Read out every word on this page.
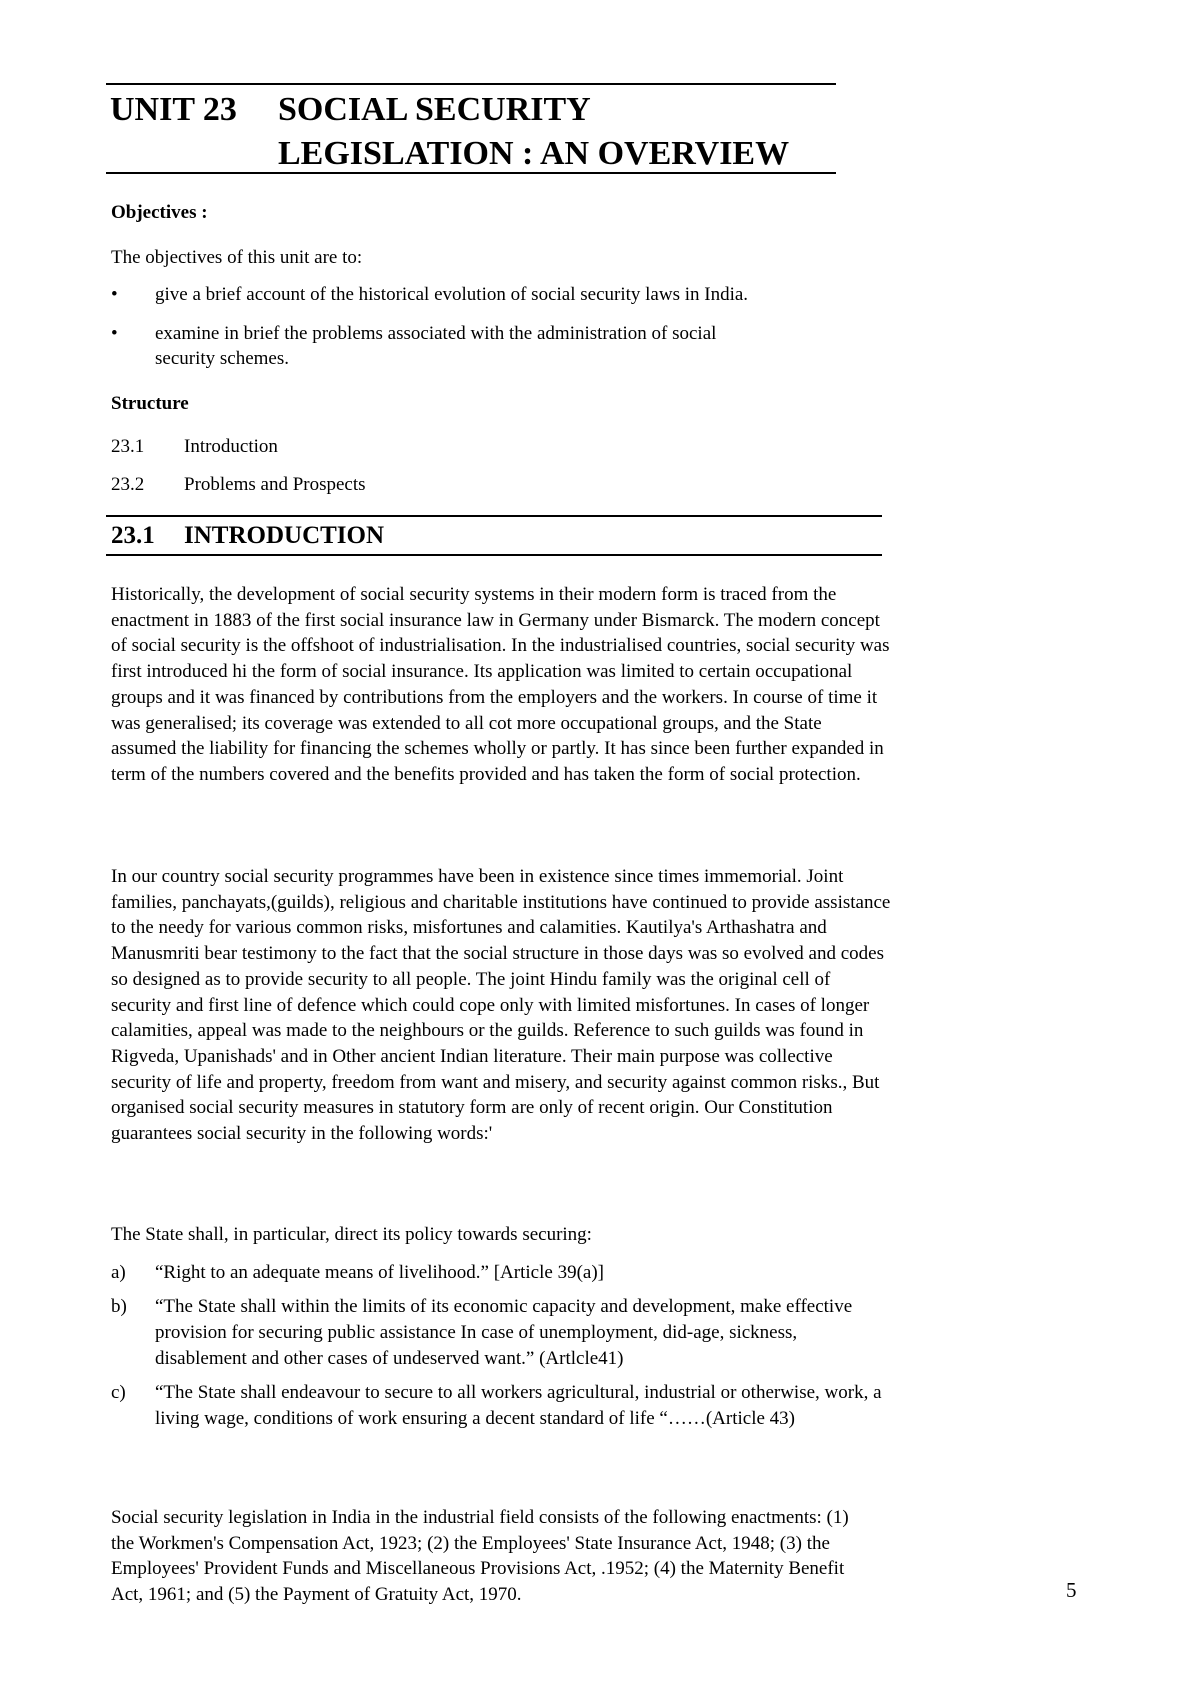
UNIT 23 SOCIAL SECURITY
LEGISLATION : AN OVERVIEW
Objectives :
The objectives of this unit are to:
•	give a brief account of the historical evolution of social security laws in India.
•	examine in brief the problems associated with the administration of social security schemes.
Structure
23.1 Introduction
23.2 Problems and Prospects
23.1 INTRODUCTION
Historically, the development of social security systems in their modern form is traced from the enactment in 1883 of the first social insurance law in Germany under Bismarck. The modern concept of social security is the offshoot of industrialisation. In the industrialised countries, social security was first introduced hi the form of social insurance. Its application was limited to certain occupational groups and it was financed by contributions from the employers and the workers. In course of time it was generalised; its coverage was extended to all cot more occupational groups, and the State assumed the liability for financing the schemes wholly or partly. It has since been further expanded in term of the numbers covered and the benefits provided and has taken the form of social protection.
In our country social security programmes have been in existence since times immemorial. Joint families, panchayats,(guilds), religious and charitable institutions have continued to provide assistance to the needy for various common risks, misfortunes and calamities. Kautilya's Arthashatra and Manusmriti bear testimony to the fact that the social structure in those days was so evolved and codes so designed as to provide security to all people. The joint Hindu family was the original cell of security and first line of defence which could cope only with limited misfortunes. In cases of longer calamities, appeal was made to the neighbours or the guilds. Reference to such guilds was found in Rigveda, Upanishads' and in Other ancient Indian literature. Their main purpose was collective security of life and property, freedom from want and misery, and security against common risks., But organised social security measures in statutory form are only of recent origin. Our Constitution guarantees social security in the following words:'
The State shall, in particular, direct its policy towards securing:
a)	“Right to an adequate means of livelihood.” [Article 39(a)]
b)	“The State shall within the limits of its economic capacity and development, make effective provision for securing public assistance In case of unemployment, did-age, sickness, disablement and other cases of undeserved want.” (Artlcle41)
c)	“The State shall endeavour to secure to all workers agricultural, industrial or otherwise, work, a living wage, conditions of work ensuring a decent standard of life “……(Article 43)
Social security legislation in India in the industrial field consists of the following enactments: (1) the Workmen's Compensation Act, 1923; (2) the Employees' State Insurance Act, 1948; (3) the Employees' Provident Funds and Miscellaneous Provisions Act, .1952; (4) the Maternity Benefit Act, 1961; and (5) the Payment of Gratuity Act, 1970.	5
